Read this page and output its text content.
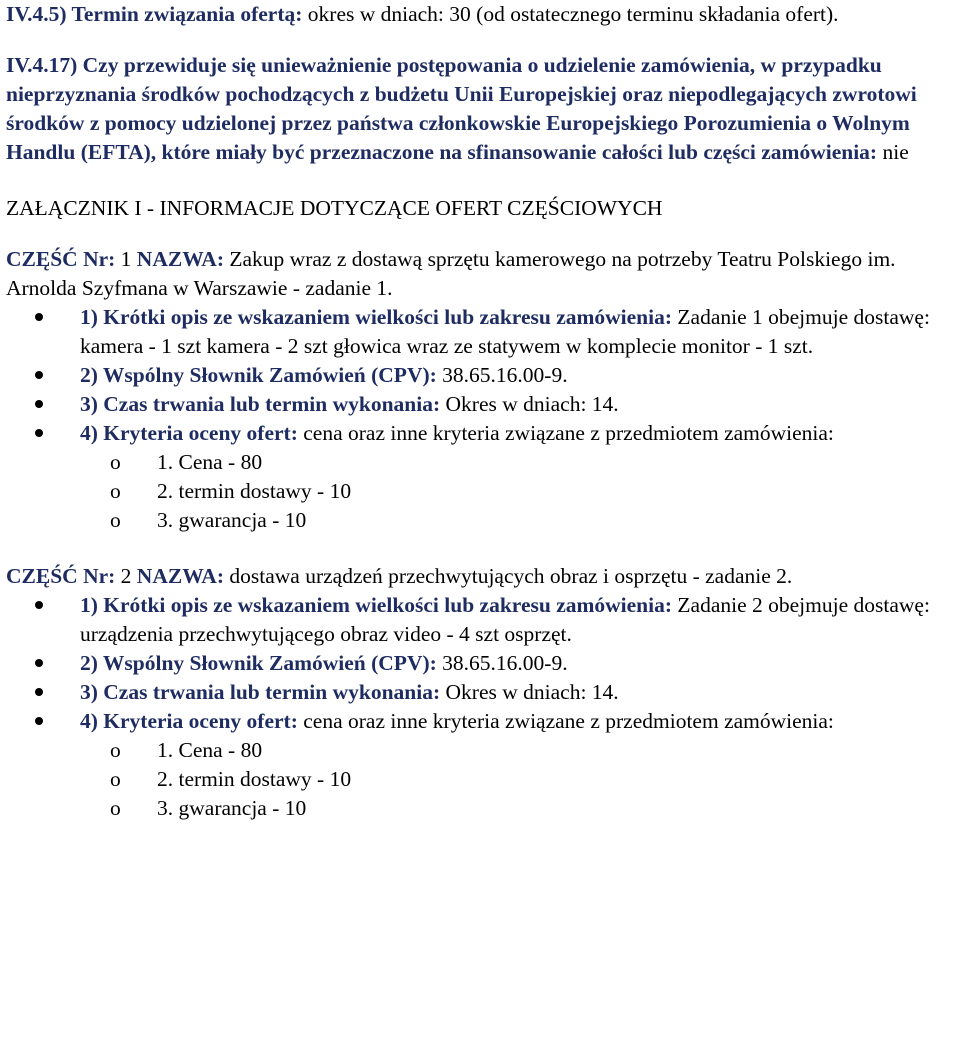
IV.4.5) Termin związania ofertą: okres w dniach: 30 (od ostatecznego terminu składania ofert).

IV.4.17) Czy przewiduje się unieważnienie postępowania o udzielenie zamówienia, w przypadku nieprzyznania środków pochodzących z budżetu Unii Europejskiej oraz niepodlegających zwrotowi środków z pomocy udzielonej przez państwa członkowskie Europejskiego Porozumienia o Wolnym Handlu (EFTA), które miały być przeznaczone na sfinansowanie całości lub części zamówienia: nie

ZAŁĄCZNIK I - INFORMACJE DOTYCZĄCE OFERT CZĘŚCIOWYCH

CZĘŚĆ Nr: 1 NAZWA: Zakup wraz z dostawą sprzętu kamerowego na potrzeby Teatru Polskiego im. Arnolda Szyfmana w Warszawie - zadanie 1.

1) Krótki opis ze wskazaniem wielkości lub zakresu zamówienia: Zadanie 1 obejmuje dostawę: kamera - 1 szt kamera - 2 szt głowica wraz ze statywem w komplecie monitor - 1 szt.
2) Wspólny Słownik Zamówień (CPV): 38.65.16.00-9.
3) Czas trwania lub termin wykonania: Okres w dniach: 14.
4) Kryteria oceny ofert: cena oraz inne kryteria związane z przedmiotem zamówienia:
o 1. Cena - 80
o 2. termin dostawy - 10
o 3. gwarancja - 10

CZĘŚĆ Nr: 2 NAZWA: dostawa urządzeń przechwytujących obraz i osprzętu - zadanie 2.

1) Krótki opis ze wskazaniem wielkości lub zakresu zamówienia: Zadanie 2 obejmuje dostawę: urządzenia przechwytującego obraz video - 4 szt osprzęt.
2) Wspólny Słownik Zamówień (CPV): 38.65.16.00-9.
3) Czas trwania lub termin wykonania: Okres w dniach: 14.
4) Kryteria oceny ofert: cena oraz inne kryteria związane z przedmiotem zamówienia:
o 1. Cena - 80
o 2. termin dostawy - 10
o 3. gwarancja - 10
